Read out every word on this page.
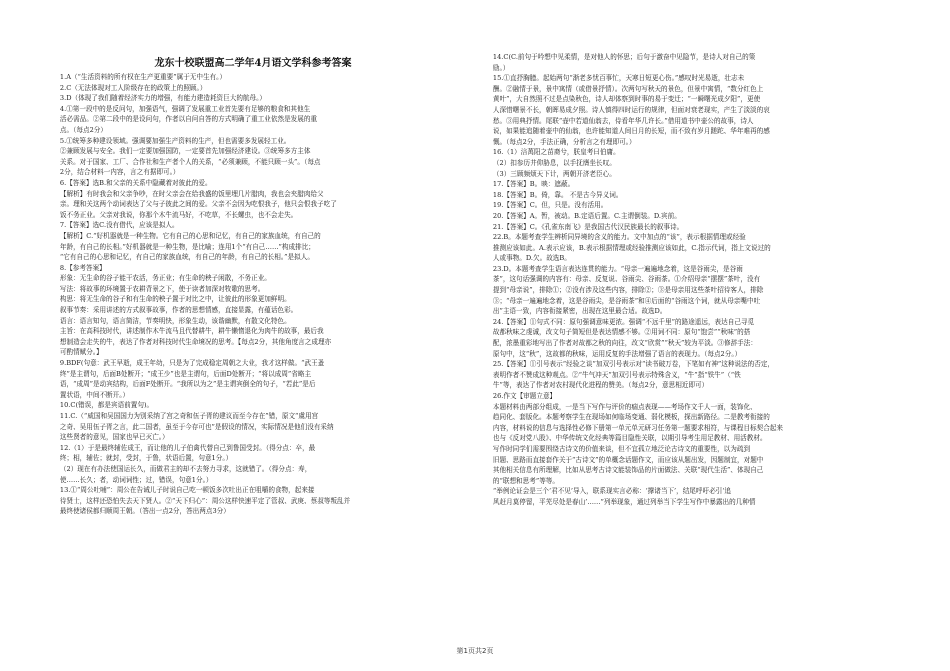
龙东十校联盟高二学年4月语文学科参考答案

1.A（“生活资料的所有权在生产更重要”属于无中生有。）

2.C（无法体现对工人阶级存在的政策上的照顾。）

3.D（体现了我们随着经济实力的增强，有能力建造耗资巨大的航母。）

4.①第一段中的是反问句，加强语气，强调了发展重工业首先要有足够的粮食和其他生

活必需品。②第二段中的是设问句，作者以自问自答的方式明确了重工业依然是发展的重

点。（每点2分）

5.①统筹多种建设领域。强调要加强生产资料的生产，但也需要多发展轻工业。

②兼顾发展与安全。我们一定要加强国防，一定要首先加强经济建设。③统筹多方主体

关系。对于国家、工厂、合作社和生产者个人的关系，“必须兼顾，不能只顾一头”。（每点

2分，结合材料一内容，言之有据即可。）

6.【答案】选B.和父亲的关系中隐藏着对彼此的爱。

【解析】有时我会和父亲争吵，在时父亲会在给我盛的饭里埋几片腊肉，我也会夹腊肉给父

亲。理和关这两个动词表达了父与子彼此之间的爱。父亲不会因为吃恨我子，他只会恨我子吃了

饭不务正业。父亲对我说，你那个木牛流马好，不吃草，不长螺虫，也不会走失。

7.【答案】选C.没有借代，应该是拟人。

【解析】C.“好机器就是一种生物。它有自己的心思和记忆，有自己的家族血统，有自己的

年龄，有自己的长相。”好机器就是一种生物，是比喻；连用1个“有自己……”构成排比；

“它有自己的心思和记忆，有自己的家族血统，有自己的年龄，有自己的长相。”是拟人。

8.【参考答案】

形象：无生命的谷子能干农活，务正业；有生命的秧子闲散，不务正业。

写法：将故事的环境置于农耕背景之下，使于读者加深对牧歌的思考。

构思：将无生命的谷子和有生命的秧子置于对比之中，让彼此的形象更加鲜明。

叙事节奏：采用讲述的方式叙事故事，作者的思想情感，直接显露，有蕴话色彩。

语言：语言知句，语言简洁，节奏明快，形象生动，该谐幽默，有散文化特色。

主旨：在高科技时代，讲述制作木牛流马且代替耕牛，耕牛懒惰退化为肉牛的故事，最后我

想制造会走失的牛，表达了作者对科技时代生命境况的思考。【每点2分，其他角度言之成理亦

可酌情赋分。】

9.BDF(句意：武王早逝，成王年幼，只是为了完成稳定周朝之大业，我才这样做。“武王蚤

终”是主谓句，后面B处断开；“成王少”也是主谓句，后面D处断开；“将以成周”省略主

语，“成周”是动宾结构，后面F处断开。“我所以为之”是主谓宾倒全的句子，“若此”是后

置状语，中间不断开。）

10.C(错误，都是宾语前置句)。

11.C.（“威国和吴国国力为别采纳了宫之奇和伍子胥的建议而至今存在”错，原文“虞用宫

之奇、吴用伍子胥之言，此二国者，虽至于今存可也”是假设的情况，实际情况是他们没有采纳

这些贤者的意见，国家也早已灭亡。）

12.（1）于是最终辅佐成王，而让他的儿子伯禽代替自己到鲁国受封。（得分点：卒，最

终；相，辅佐；就封，受封，于鲁，状语后置，句意1分。）

（2）现在有办法使国运长久，而做君主的却不去努力寻求，这就错了。（得分点：寿，

使……长久；者，动词词性；过，错误，句意1分。）

13.①“周公吐哺”：周公在告诫儿子时说自己吃一顿饭多次吐出正在咀嚼的食物，起来接

待贤士，这样还恐怕失去天下贤人。②“天下归心”：周公这样快速平定了管叔、武庚、蔡叔等叛乱并

最终使诸侯都归顺周王朝。（答出一点2分，答出两点3分）

14.C(C.前句于吟想中见柔情，是对他人的怀思；后句于激奋中见隐节，是诗人对自己的策

励。）

15.①直抒胸臆。起始两句“渐老多忧百事忙，天寒日短更心伤。”感叹时光易逝，壮志未

酬。②融情于景，景中寓情（或借景抒情）。次两句写秋天的景色，但景中寓情，“数分红色上

黄叶”，大自然照不过是点染秋色，诗人却体察到时事的易于变迁；“一瞬曙光成夕阳”，更使

人深惜曙景不长，朝晖易成夕照。诗人慎得四时运行的规律，但面对衰老现实，产生了淡淡的哀

愁。③用典抒情。尾联“壶中若道仙翁去，侍看年华几许长。”借用道书中壶公的故事，诗人

说，如果能追随着壶中的仙翁，也许能知道人间日月的长短，而不致有岁月蹉跎、华年难再的感

慨。（每点2分，手法正确，分析言之有理即可。）

16.（1）涪萬阳之苗裔兮，朕皇考曰伯庸。

（2）扣参历井仰胁息，以手抚膺坐长叹。

（3）三顾频烦天下计，两朝开济老臣心。

17.【答案】B。映：遮蔽。

18.【答案】B。倚，靠。 不是古今异义词。

19.【答案】C。但，只是。没有活用。

20.【答案】A。暂，被动。B.定语后置。C.主谓倒装。D.宾前。

21.【答案】C。《孔雀东南飞》是我国古代汉民族最长的叙事诗。

22.B。本题考查学生辨析同异境的含义的能力。文中加点的“该”，表示根据情理或经验

推测应该如此。A.表示应该，B.表示根据情理或经验推测应该如此，C.指示代词，指上文说过的

人或事物。D.欠。故选B。

23.D。本题考查学生语言表达连贯的能力。“母亲一遍遍地念着，这是谷雨尖，是谷雨

茶”，这句话强调的内容有：母亲、反复说、谷雨尖、谷雨茶。①介绍母亲“摆摆”茶叶，没有

提到“母亲说”，排除①；②没有涉及这些内容，排除②；③是母亲用这些茶叶招待客人，排除

③；“母亲一遍遍地念着，这是谷雨尖，是谷雨茶”和④后面的“谷雨这个词，就从母亲嘴中吐

出”主语一致，内容衔接紧密，出现在这里最合适。故选D。

24.【答案】①句式不同：原句强调意味更浓。强调“不远千里”的路途遥远，表达自己寻觅

故都秋味之虔诚，改文句子简短但是表达情感不够。②用词不同：原句“饱尝”“秋味”的搭

配，浓墨重彩地写出了作者对故都之秋的向往，改文“欣赏”“秋天”较为平淡。③修辞手法：

原句中，这“秋”，这故都的秋味，运用反复的手法增强了语言的表现力。（每点2分。）

25.【答案】①引号表示“经验之谈”加双引号表示对“读书破万卷，下笔如有神”这种说法的否定，

表明作者不赞成这种观点。②“牛气冲天”加双引号表示特殊含义，“牛”指“铁牛”（“铁

牛”等，表达了作者对农村现代化进程的赞美。（每点2分，意思相近即可）

26.作文【审题立意】

本题材料由两部分组成，一是当下写作与评价的痼点表现——考场作文千人一面，装饰化、

趋同化、套版化。本题考察学生在现场如何临场变通、弱化模板，探出新路径。二是教考衔接的

内容，材料说的信息与选择性必修下册第一单元单元研习任务第一题要求相符，与课程目标契合起来

也与《反对党八股》、中华传统文化经典等篇目隐性关联，以期引导考生用足教材、用活教材。

写作时同学们需要围绕古诗文的价值来谈，但不宜孤立地泛论古诗文的重要性，以为疏到

旧题、思路而直接套作关于“古诗文”的单概念话题作文，而应该从题出发，因题制宜，对题中

其他相关信息有所理解，比如从思考古诗文能装饰品的片面做法、关联“现代生活”、体现自己

的“联想和思考”等等。

“举例论证会是三个‘君不见’导入，联系现实言必称：‘撑诸当下’，结尾呼吁必引‘追

风赶月莫停留，平芜尽处是春山’……”列举现象，通过列举当下学生写作中暴露出的几种情

第1页共2页
